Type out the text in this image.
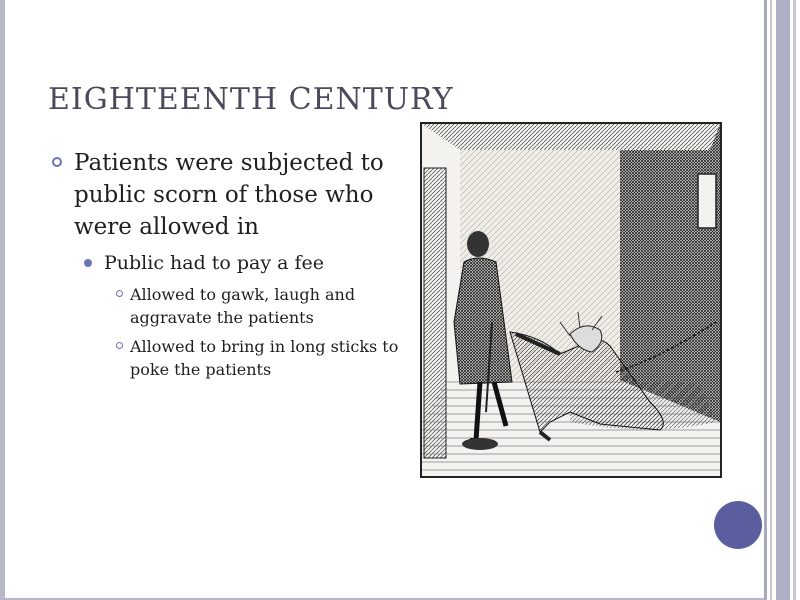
EIGHTEENTH CENTURY
Patients were subjected to public scorn of those who were allowed in
Public had to pay a fee
Allowed to gawk, laugh and aggravate the patients
Allowed to bring in long sticks to poke the patients
